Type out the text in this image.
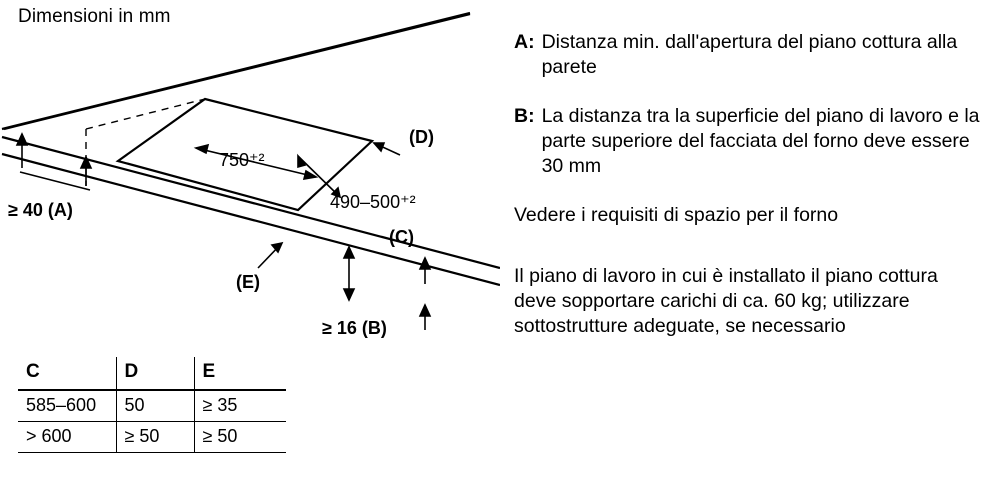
Dimensioni in mm
750⁺²
490–500⁺²
≥ 40 (A)
(D)
(C)
(E)
≥ 16 (B)
C	D	E
585–600	50	≥ 35
> 600	≥ 50	≥ 50
A: Distanza min. dall'apertura del piano cottura alla parete
B: La distanza tra la superficie del piano di lavoro e la parte superiore del facciata del forno deve essere 30 mm
Vedere i requisiti di spazio per il forno
Il piano di lavoro in cui è installato il piano cottura deve sopportare carichi di ca. 60 kg; utilizzare sottostrutture adeguate, se necessario
